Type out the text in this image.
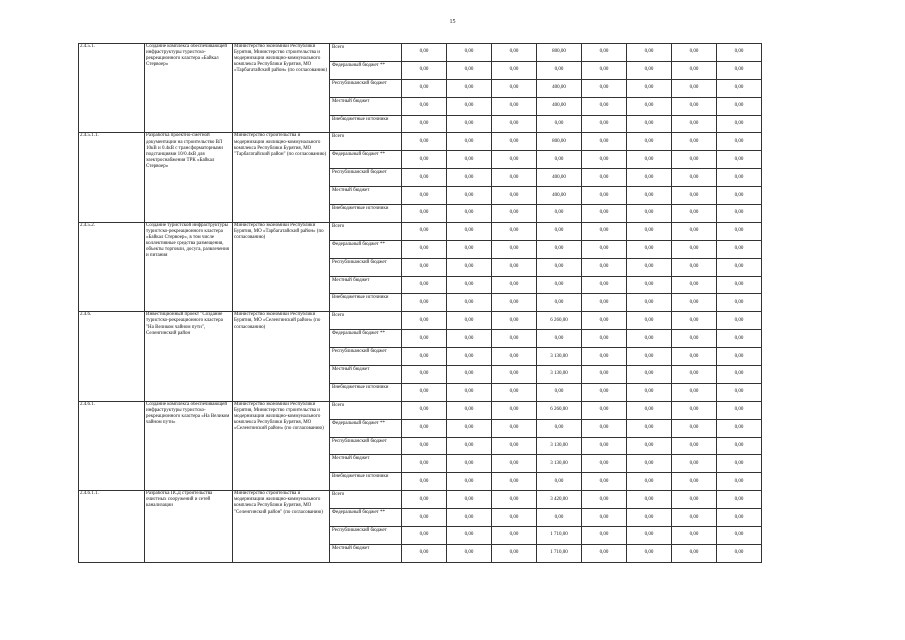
15
2.4.5.1.	Создание комплекса обеспечивающей инфраструктуры туристско-рекреационного кластера «Байкал Стервоер»	Министерство экономики Республики Бурятия, Министерство строительства и модернизации жилищно-коммунального комплекса Республики Бурятия, МО «Тарбагатайский район» (по согласованию)	Всего	0,00	0,00	0,00	800,00	0,00	0,00	0,00	0,00
			Федеральный бюджет **	0,00	0,00	0,00	0,00	0,00	0,00	0,00	0,00
			Республиканский бюджет	0,00	0,00	0,00	400,00	0,00	0,00	0,00	0,00
			Местный бюджет	0,00	0,00	0,00	400,00	0,00	0,00	0,00	0,00
			Внебюджетные источники	0,00	0,00	0,00	0,00	0,00	0,00	0,00	0,00
2.4.5.1.1.	Разработка проектно-сметной документации на строительство ВЛ 10кВ и 0.4кВ с трансформаторными подстанциями 10/0.4кВ для электроснабжения ТРК «Байкал Стервоер»	Министерство строительства и модернизации жилищно-коммунального комплекса Республики Бурятия, МО "Тарбагатайский район" (по согласованию)	Всего	0,00	0,00	0,00	800,00	0,00	0,00	0,00	0,00
			Федеральный бюджет **	0,00	0,00	0,00	0,00	0,00	0,00	0,00	0,00
			Республиканский бюджет	0,00	0,00	0,00	400,00	0,00	0,00	0,00	0,00
			Местный бюджет	0,00	0,00	0,00	400,00	0,00	0,00	0,00	0,00
			Внебюджетные источники	0,00	0,00	0,00	0,00	0,00	0,00	0,00	0,00
2.4.5.2.	Создание туристской инфраструктуры туристско-рекреационного кластера «Байкал Стервоер», в том числе коллективные средства размещения, объекты торговли, досуга, развлечения и питания	Министерство экономики Республики Бурятия, МО «Тарбагатайский район» (по согласованию)	Всего	0,00	0,00	0,00	0,00	0,00	0,00	0,00	0,00
			Федеральный бюджет **	0,00	0,00	0,00	0,00	0,00	0,00	0,00	0,00
			Республиканский бюджет	0,00	0,00	0,00	0,00	0,00	0,00	0,00	0,00
			Местный бюджет	0,00	0,00	0,00	0,00	0,00	0,00	0,00	0,00
			Внебюджетные источники	0,00	0,00	0,00	0,00	0,00	0,00	0,00	0,00
2.4.6.	Инвестиционный проект "Создание туристско-рекреационного кластера "На Великом чайном пути", Селенгинский район	Министерство экономики Республики Бурятия, МО «Селенгинский район» (по согласованию)	Всего	0,00	0,00	0,00	6 260,00	0,00	0,00	0,00	0,00
			Федеральный бюджет **	0,00	0,00	0,00	0,00	0,00	0,00	0,00	0,00
			Республиканский бюджет	0,00	0,00	0,00	3 130,00	0,00	0,00	0,00	0,00
			Местный бюджет	0,00	0,00	0,00	3 130,00	0,00	0,00	0,00	0,00
			Внебюджетные источники	0,00	0,00	0,00	0,00	0,00	0,00	0,00	0,00
2.4.6.1.	Создание комплекса обеспечивающей инфраструктуры туристско-рекреационного кластера «На Великом чайном пути»	Министерство экономики Республики Бурятия, Министерство строительства и модернизации жилищно-коммунального комплекса Республики Бурятия, МО «Селенгинский район» (по согласованию)	Всего	0,00	0,00	0,00	6 260,00	0,00	0,00	0,00	0,00
			Федеральный бюджет **	0,00	0,00	0,00	0,00	0,00	0,00	0,00	0,00
			Республиканский бюджет	0,00	0,00	0,00	3 130,00	0,00	0,00	0,00	0,00
			Местный бюджет	0,00	0,00	0,00	3 130,00	0,00	0,00	0,00	0,00
			Внебюджетные источники	0,00	0,00	0,00	0,00	0,00	0,00	0,00	0,00
2.4.6.1.1.	Разработка ПСД строительства очистных сооружений и сетей канализации	Министерство строительства и модернизации жилищно-коммунального комплекса Республики Бурятия, МО "Селенгинский район" (по согласованию)	Всего	0,00	0,00	0,00	3 420,00	0,00	0,00	0,00	0,00
			Федеральный бюджет **	0,00	0,00	0,00	0,00	0,00	0,00	0,00	0,00
			Республиканский бюджет	0,00	0,00	0,00	1 710,00	0,00	0,00	0,00	0,00
			Местный бюджет	0,00	0,00	0,00	1 710,00	0,00	0,00	0,00	0,00
